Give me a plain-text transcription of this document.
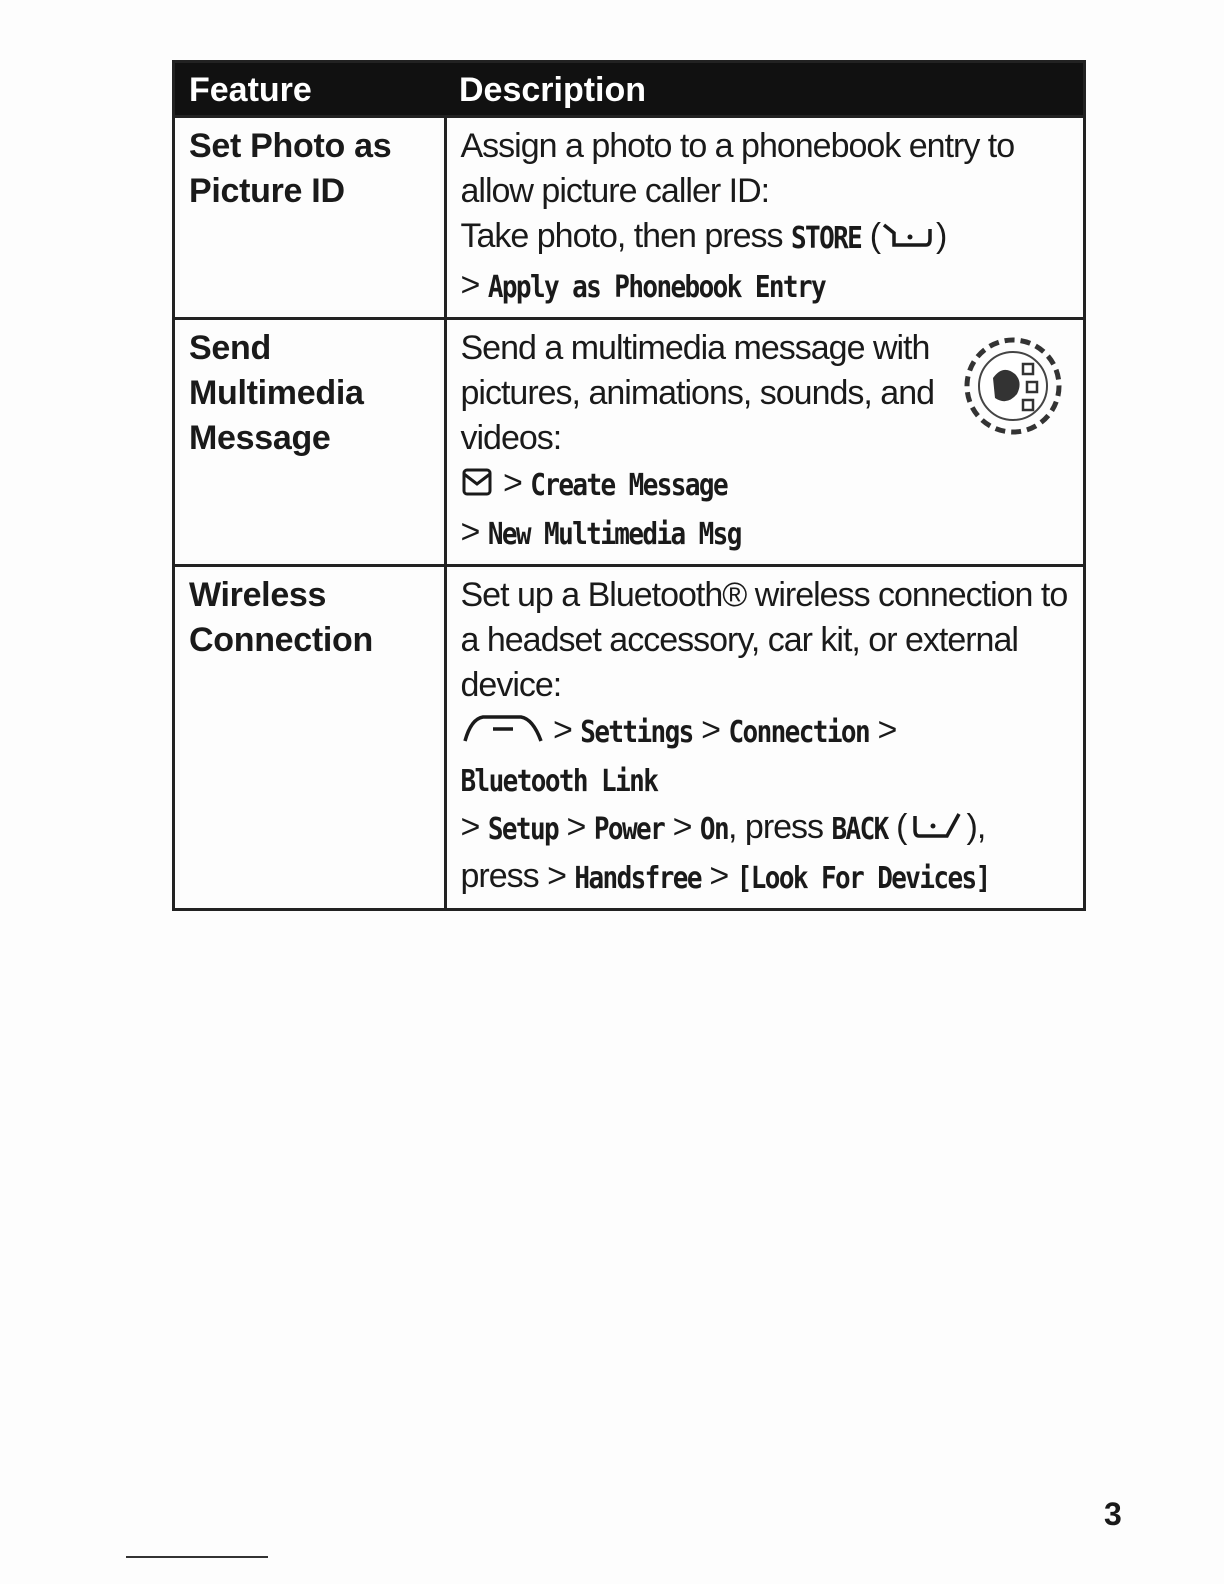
Feature	Description
Set Photo as Picture ID	Assign a photo to a phonebook entry to allow picture caller ID:
Take photo, then press STORE ( )
> Apply as Phonebook Entry
Send Multimedia Message	Send a multimedia message with pictures, animations, sounds, and videos:
> Create Message
> New Multimedia Msg
Wireless Connection	Set up a Bluetooth® wireless connection to a headset accessory, car kit, or external device:
> Settings > Connection > Bluetooth Link
> Setup > Power > On, press BACK ( ),
press > Handsfree > [Look For Devices]
3
